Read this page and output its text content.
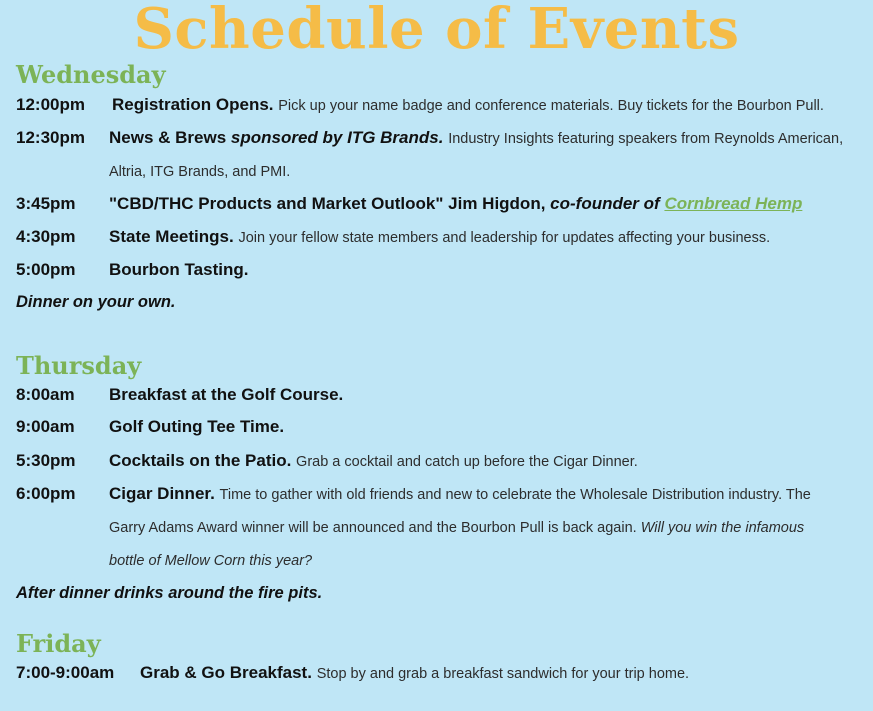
Schedule of Events
Wednesday
12:00pm Registration Opens. Pick up your name badge and conference materials. Buy tickets for the Bourbon Pull.
12:30pm News & Brews sponsored by ITG Brands. Industry Insights featuring speakers from Reynolds American,
Altria, ITG Brands, and PMI.
3:45pm "CBD/THC Products and Market Outlook" Jim Higdon, co-founder of Cornbread Hemp
4:30pm State Meetings. Join your fellow state members and leadership for updates affecting your business.
5:00pm Bourbon Tasting.
Dinner on your own.
Thursday
8:00am Breakfast at the Golf Course.
9:00am Golf Outing Tee Time.
5:30pm Cocktails on the Patio. Grab a cocktail and catch up before the Cigar Dinner.
6:00pm Cigar Dinner. Time to gather with old friends and new to celebrate the Wholesale Distribution industry. The
Garry Adams Award winner will be announced and the Bourbon Pull is back again. Will you win the infamous
bottle of Mellow Corn this year?
After dinner drinks around the fire pits.
Friday
7:00-9:00am Grab & Go Breakfast. Stop by and grab a breakfast sandwich for your trip home.
